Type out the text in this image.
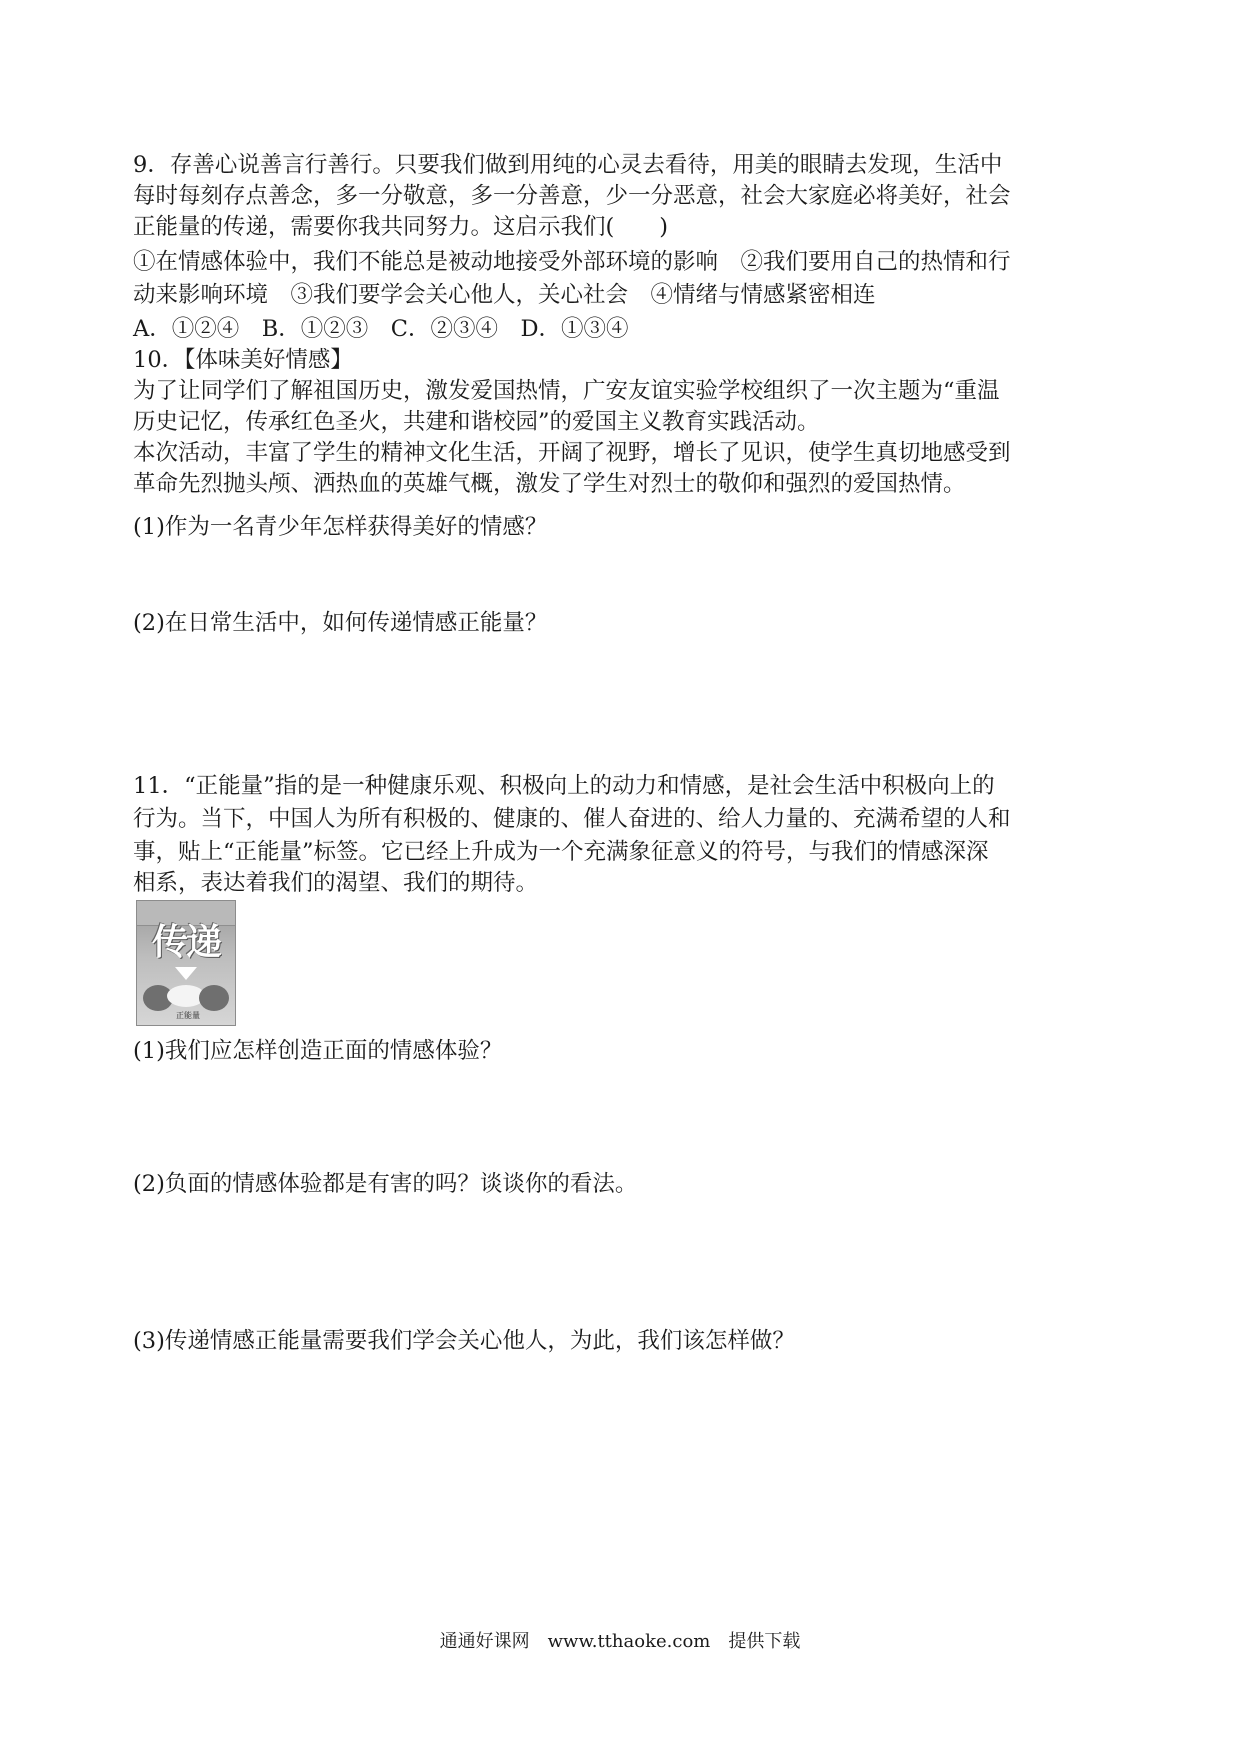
9．存善心说善言行善行。只要我们做到用纯的心灵去看待，用美的眼睛去发现，生活中
每时每刻存点善念，多一分敬意，多一分善意，少一分恶意，社会大家庭必将美好，社会
正能量的传递，需要你我共同努力。这启示我们(　　)
①在情感体验中，我们不能总是被动地接受外部环境的影响　②我们要用自己的热情和行
动来影响环境　③我们要学会关心他人，关心社会　④情绪与情感紧密相连
A．①②④　B．①②③　C．②③④　D．①③④
10．【体味美好情感】
为了让同学们了解祖国历史，激发爱国热情，广安友谊实验学校组织了一次主题为“重温
历史记忆，传承红色圣火，共建和谐校园”的爱国主义教育实践活动。
本次活动，丰富了学生的精神文化生活，开阔了视野，增长了见识，使学生真切地感受到
革命先烈抛头颅、洒热血的英雄气概，激发了学生对烈士的敬仰和强烈的爱国热情。
(1)作为一名青少年怎样获得美好的情感？
(2)在日常生活中，如何传递情感正能量？
11．“正能量”指的是一种健康乐观、积极向上的动力和情感，是社会生活中积极向上的
行为。当下，中国人为所有积极的、健康的、催人奋进的、给人力量的、充满希望的人和
事，贴上“正能量”标签。它已经上升成为一个充满象征意义的符号，与我们的情感深深
相系，表达着我们的渴望、我们的期待。
传递
正能量
(1)我们应怎样创造正面的情感体验？
(2)负面的情感体验都是有害的吗？谈谈你的看法。
(3)传递情感正能量需要我们学会关心他人，为此，我们该怎样做？
通通好课网　www.tthaoke.com　提供下载
